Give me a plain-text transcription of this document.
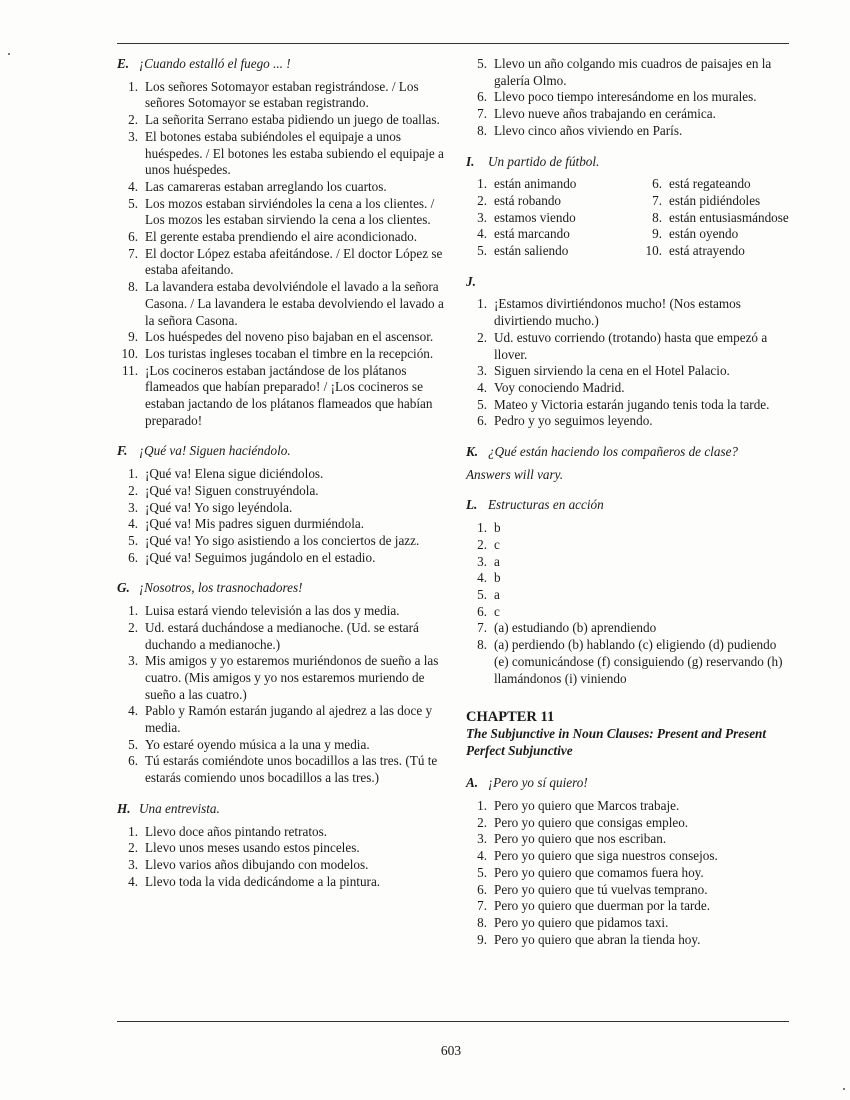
E. ¡Cuando estalló el fuego ... !

1. Los señores Sotomayor estaban registrándose. / Los señores Sotomayor se estaban registrando.
2. La señorita Serrano estaba pidiendo un juego de toallas.
3. El botones estaba subiéndoles el equipaje a unos huéspedes. / El botones les estaba subiendo el equipaje a unos huéspedes.
4. Las camareras estaban arreglando los cuartos.
5. Los mozos estaban sirviéndoles la cena a los clientes. / Los mozos les estaban sirviendo la cena a los clientes.
6. El gerente estaba prendiendo el aire acondicionado.
7. El doctor López estaba afeitándose. / El doctor López se estaba afeitando.
8. La lavandera estaba devolviéndole el lavado a la señora Casona. / La lavandera le estaba devolviendo el lavado a la señora Casona.
9. Los huéspedes del noveno piso bajaban en el ascensor.
10. Los turistas ingleses tocaban el timbre en la recepción.
11. ¡Los cocineros estaban jactándose de los plátanos flameados que habían preparado! / ¡Los cocineros se estaban jactando de los plátanos flameados que habían preparado!

F. ¡Qué va! Siguen haciéndolo.

1. ¡Qué va! Elena sigue diciéndolos.
2. ¡Qué va! Siguen construyéndola.
3. ¡Qué va! Yo sigo leyéndola.
4. ¡Qué va! Mis padres siguen durmiéndola.
5. ¡Qué va! Yo sigo asistiendo a los conciertos de jazz.
6. ¡Qué va! Seguimos jugándolo en el estadio.

G. ¡Nosotros, los trasnochadores!

1. Luisa estará viendo televisión a las dos y media.
2. Ud. estará duchándose a medianoche. (Ud. se estará duchando a medianoche.)
3. Mis amigos y yo estaremos muriéndonos de sueño a las cuatro. (Mis amigos y yo nos estaremos muriendo de sueño a las cuatro.)
4. Pablo y Ramón estarán jugando al ajedrez a las doce y media.
5. Yo estaré oyendo música a la una y media.
6. Tú estarás comiéndote unos bocadillos a las tres. (Tú te estarás comiendo unos bocadillos a las tres.)

H. Una entrevista.

1. Llevo doce años pintando retratos.
2. Llevo unos meses usando estos pinceles.
3. Llevo varios años dibujando con modelos.
4. Llevo toda la vida dedicándome a la pintura.
5. Llevo un año colgando mis cuadros de paisajes en la galería Olmo.
6. Llevo poco tiempo interesándome en los murales.
7. Llevo nueve años trabajando en cerámica.
8. Llevo cinco años viviendo en París.

I. Un partido de fútbol.

1. están animando
2. está robando
3. estamos viendo
4. está marcando
5. están saliendo
6. está regateando
7. están pidiéndoles
8. están entusiasmándose
9. están oyendo
10. está atrayendo

J.

1. ¡Estamos divirtiéndonos mucho! (Nos estamos divirtiendo mucho.)
2. Ud. estuvo corriendo (trotando) hasta que empezó a llover.
3. Siguen sirviendo la cena en el Hotel Palacio.
4. Voy conociendo Madrid.
5. Mateo y Victoria estarán jugando tenis toda la tarde.
6. Pedro y yo seguimos leyendo.

K. ¿Qué están haciendo los compañeros de clase?

Answers will vary.

L. Estructuras en acción

1. b
2. c
3. a
4. b
5. a
6. c
7. (a) estudiando (b) aprendiendo
8. (a) perdiendo (b) hablando (c) eligiendo (d) pudiendo (e) comunicándose (f) consiguiendo (g) reservando (h) llamándonos (i) viniendo
CHAPTER 11
The Subjunctive in Noun Clauses: Present and Present Perfect Subjunctive

A. ¡Pero yo sí quiero!

1. Pero yo quiero que Marcos trabaje.
2. Pero yo quiero que consigas empleo.
3. Pero yo quiero que nos escriban.
4. Pero yo quiero que siga nuestros consejos.
5. Pero yo quiero que comamos fuera hoy.
6. Pero yo quiero que tú vuelvas temprano.
7. Pero yo quiero que duerman por la tarde.
8. Pero yo quiero que pidamos taxi.
9. Pero yo quiero que abran la tienda hoy.
603
